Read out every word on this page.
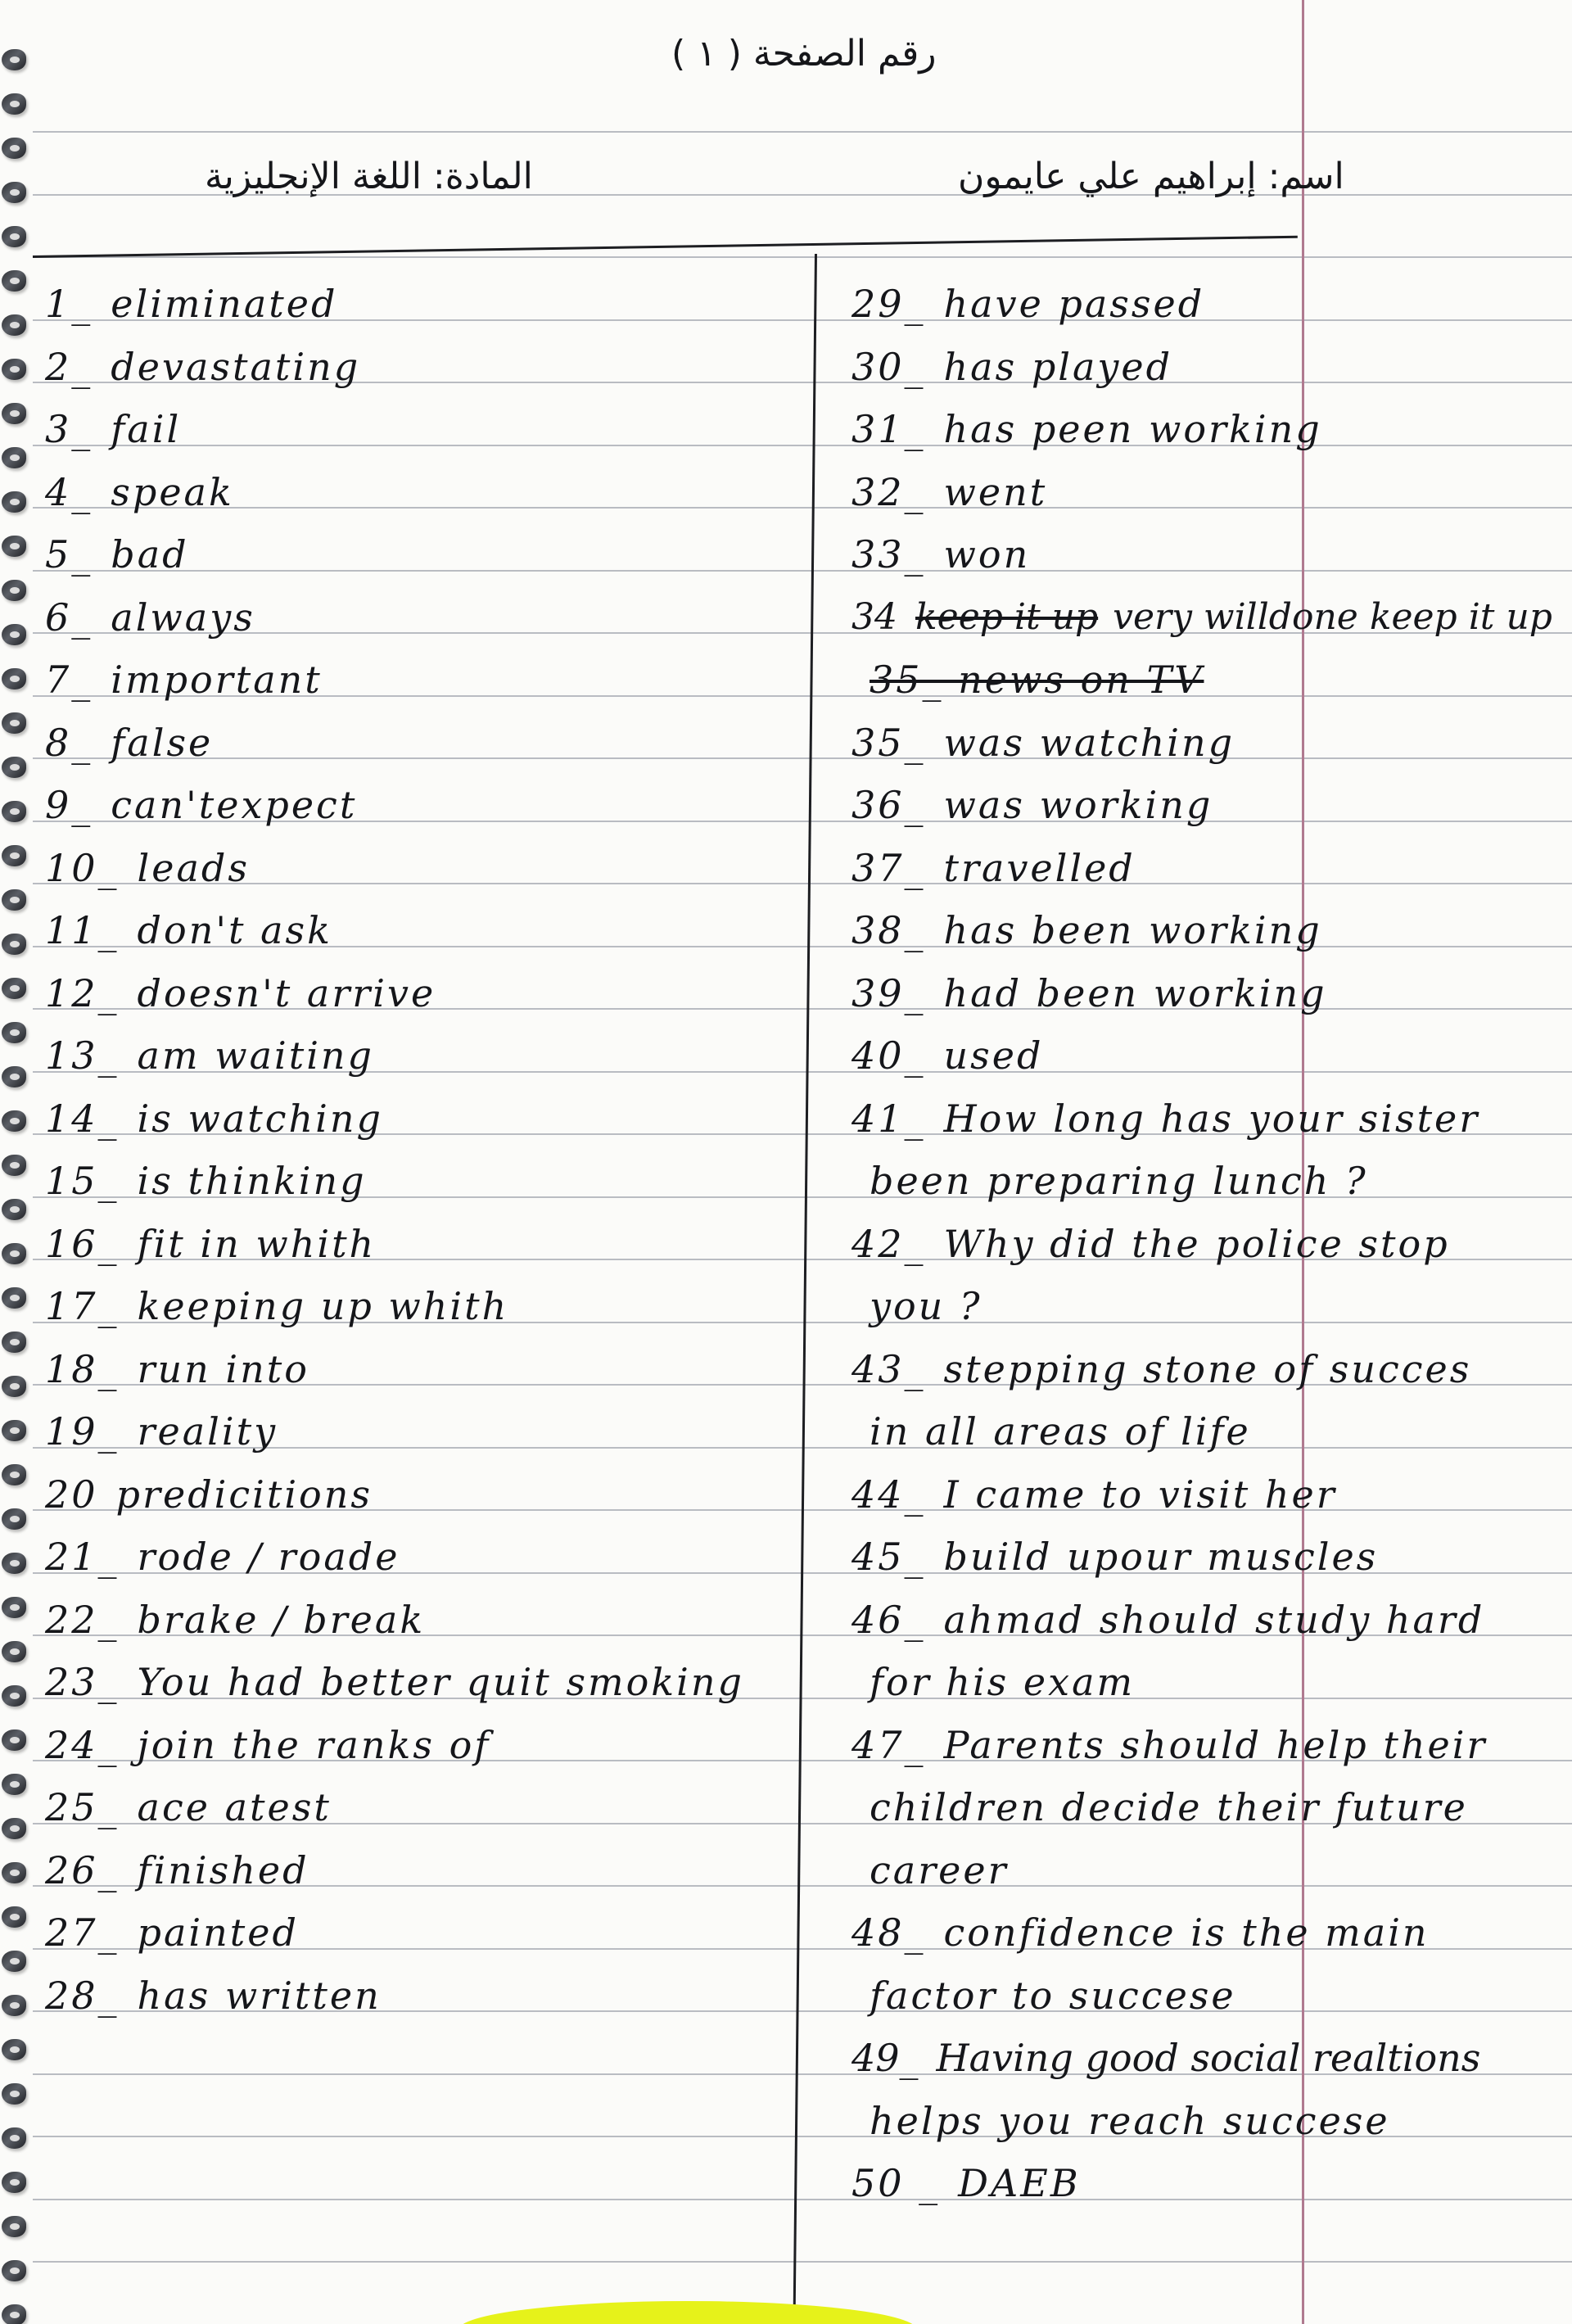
رقم الصفحة ( ١ )
المادة: اللغة الإنجليزية	اسم: إبراهيم علي عايمون
1_ eliminated
2_ devastating
3_ fail
4_ speak
5_ bad
6_ always
7_ important
8_ false
9_ can'texpect
10_ leads
11_ don't ask
12_ doesn't arrive
13_ am waiting
14_ is watching
15_ is thinking
16_ fit in whith
17_ keeping up whith
18_ run into
19_ reality
20 predicitions
21_ rode / roade
22_ brake / break
23_ You had better quit smoking
24_ join the ranks of
25_ ace atest
26_ finished
27_ painted
28_ has written
29_ have passed
30_ has played
31_ has peen working
32_ went
33_ won
34 keep it up very willdone keep it up
35_ news on TV
35_ was watching
36_ was working
37_ travelled
38_ has been working
39_ had been working
40_ used
41_ How long has your sister
been preparing lunch ?
42_ Why did the police stop
you ?
43_ stepping stone of succes
in all areas of life
44_ I came to visit her
45_ build upour muscles
46_ ahmad should study hard
for his exam
47_ Parents should help their
children decide their future
career
48_ confidence is the main
factor to succese
49_ Having good social realtions
helps you reach succese
50 _ DAEB
